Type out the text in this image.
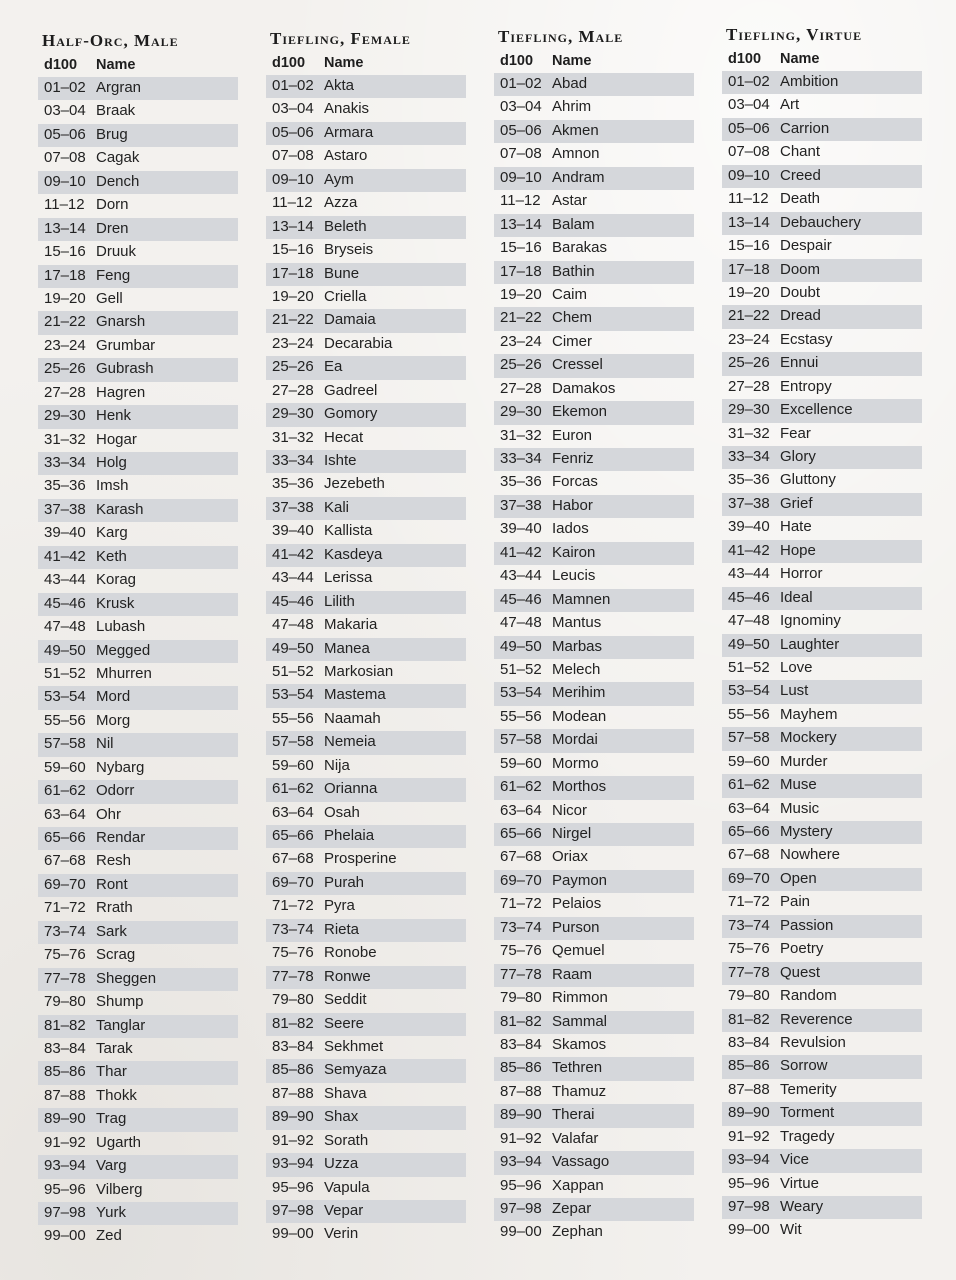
Half-Orc, Male
d100	Name
01–02 Argran
03–04 Braak
05–06 Brug
07–08 Cagak
09–10 Dench
11–12 Dorn
13–14 Dren
15–16 Druuk
17–18 Feng
19–20 Gell
21–22 Gnarsh
23–24 Grumbar
25–26 Gubrash
27–28 Hagren
29–30 Henk
31–32 Hogar
33–34 Holg
35–36 Imsh
37–38 Karash
39–40 Karg
41–42 Keth
43–44 Korag
45–46 Krusk
47–48 Lubash
49–50 Megged
51–52 Mhurren
53–54 Mord
55–56 Morg
57–58 Nil
59–60 Nybarg
61–62 Odorr
63–64 Ohr
65–66 Rendar
67–68 Resh
69–70 Ront
71–72 Rrath
73–74 Sark
75–76 Scrag
77–78 Sheggen
79–80 Shump
81–82 Tanglar
83–84 Tarak
85–86 Thar
87–88 Thokk
89–90 Trag
91–92 Ugarth
93–94 Varg
95–96 Vilberg
97–98 Yurk
99–00 Zed
Tiefling, Female
d100	Name
01–02 Akta
03–04 Anakis
05–06 Armara
07–08 Astaro
09–10 Aym
11–12 Azza
13–14 Beleth
15–16 Bryseis
17–18 Bune
19–20 Criella
21–22 Damaia
23–24 Decarabia
25–26 Ea
27–28 Gadreel
29–30 Gomory
31–32 Hecat
33–34 Ishte
35–36 Jezebeth
37–38 Kali
39–40 Kallista
41–42 Kasdeya
43–44 Lerissa
45–46 Lilith
47–48 Makaria
49–50 Manea
51–52 Markosian
53–54 Mastema
55–56 Naamah
57–58 Nemeia
59–60 Nija
61–62 Orianna
63–64 Osah
65–66 Phelaia
67–68 Prosperine
69–70 Purah
71–72 Pyra
73–74 Rieta
75–76 Ronobe
77–78 Ronwe
79–80 Seddit
81–82 Seere
83–84 Sekhmet
85–86 Semyaza
87–88 Shava
89–90 Shax
91–92 Sorath
93–94 Uzza
95–96 Vapula
97–98 Vepar
99–00 Verin
Tiefling, Male
d100	Name
01–02 Abad
03–04 Ahrim
05–06 Akmen
07–08 Amnon
09–10 Andram
11–12 Astar
13–14 Balam
15–16 Barakas
17–18 Bathin
19–20 Caim
21–22 Chem
23–24 Cimer
25–26 Cressel
27–28 Damakos
29–30 Ekemon
31–32 Euron
33–34 Fenriz
35–36 Forcas
37–38 Habor
39–40 Iados
41–42 Kairon
43–44 Leucis
45–46 Mamnen
47–48 Mantus
49–50 Marbas
51–52 Melech
53–54 Merihim
55–56 Modean
57–58 Mordai
59–60 Mormo
61–62 Morthos
63–64 Nicor
65–66 Nirgel
67–68 Oriax
69–70 Paymon
71–72 Pelaios
73–74 Purson
75–76 Qemuel
77–78 Raam
79–80 Rimmon
81–82 Sammal
83–84 Skamos
85–86 Tethren
87–88 Thamuz
89–90 Therai
91–92 Valafar
93–94 Vassago
95–96 Xappan
97–98 Zepar
99–00 Zephan
Tiefling, Virtue
d100	Name
01–02 Ambition
03–04 Art
05–06 Carrion
07–08 Chant
09–10 Creed
11–12 Death
13–14 Debauchery
15–16 Despair
17–18 Doom
19–20 Doubt
21–22 Dread
23–24 Ecstasy
25–26 Ennui
27–28 Entropy
29–30 Excellence
31–32 Fear
33–34 Glory
35–36 Gluttony
37–38 Grief
39–40 Hate
41–42 Hope
43–44 Horror
45–46 Ideal
47–48 Ignominy
49–50 Laughter
51–52 Love
53–54 Lust
55–56 Mayhem
57–58 Mockery
59–60 Murder
61–62 Muse
63–64 Music
65–66 Mystery
67–68 Nowhere
69–70 Open
71–72 Pain
73–74 Passion
75–76 Poetry
77–78 Quest
79–80 Random
81–82 Reverence
83–84 Revulsion
85–86 Sorrow
87–88 Temerity
89–90 Torment
91–92 Tragedy
93–94 Vice
95–96 Virtue
97–98 Weary
99–00 Wit
